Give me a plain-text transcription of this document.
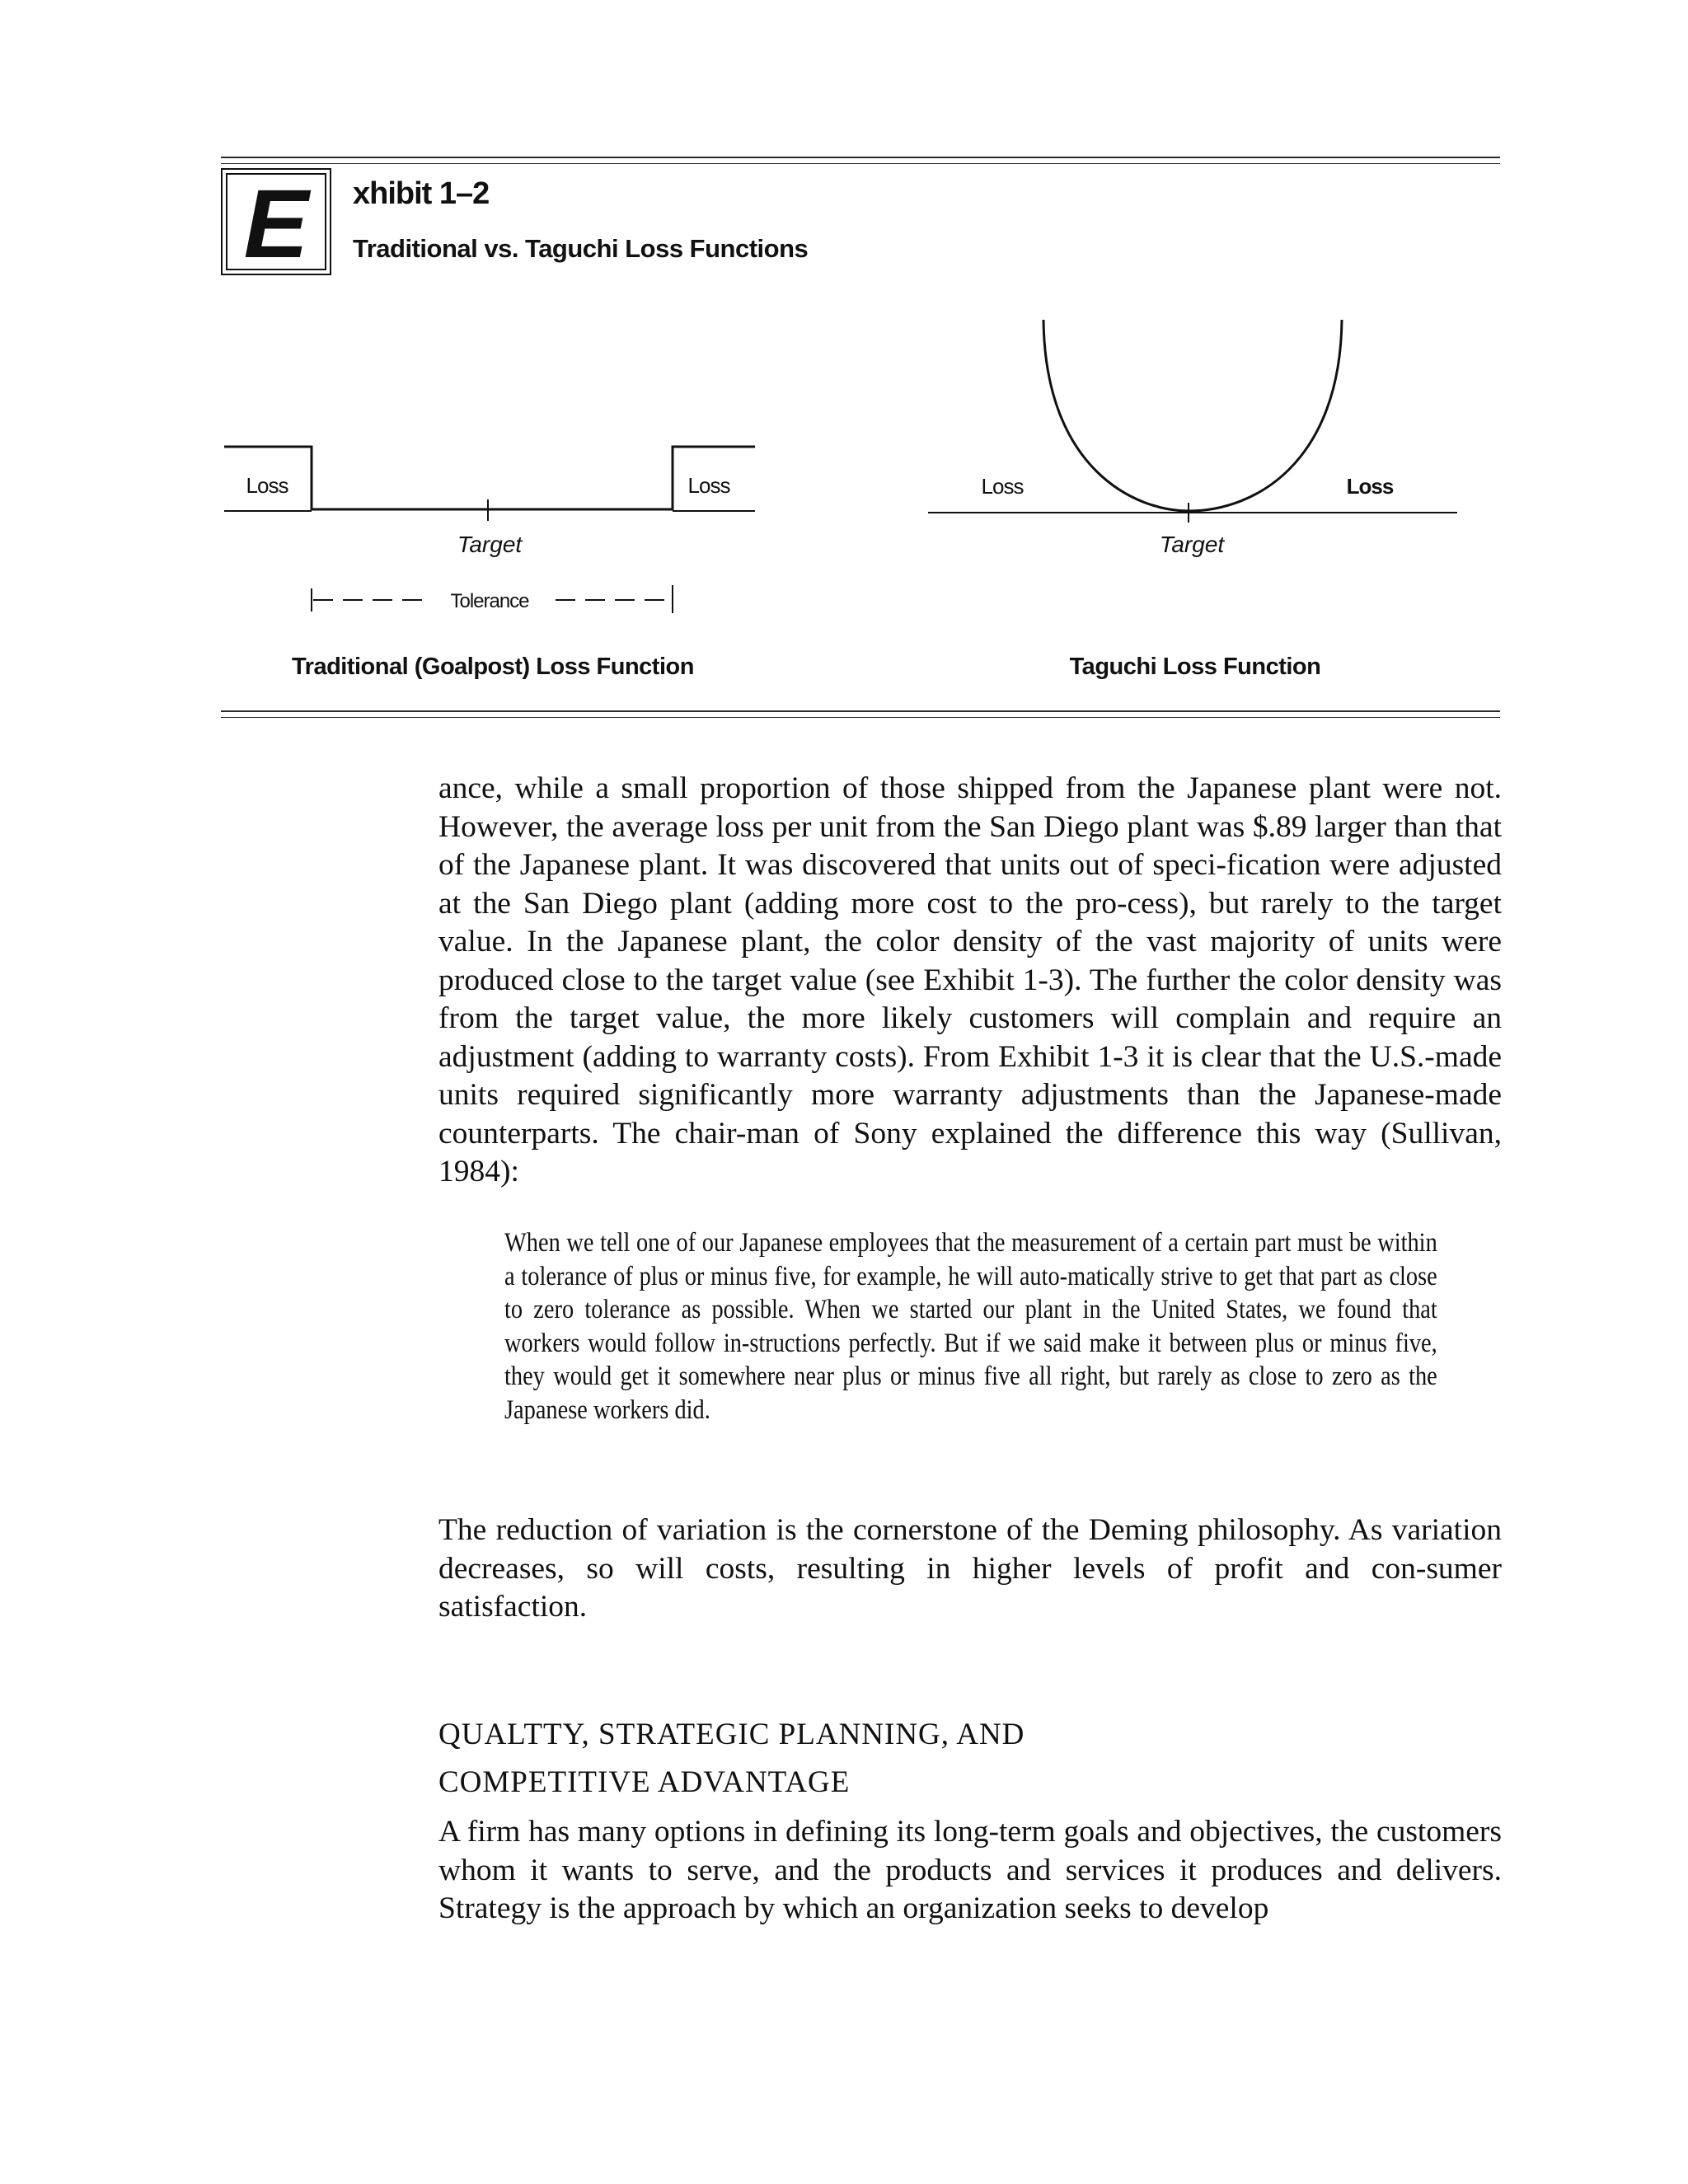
E xhibit 1–2

Traditional vs. Taguchi Loss Functions

Loss	Loss
Target
Tolerance
Traditional (Goalpost) Loss Function
Loss	Loss
Target
Taguchi Loss Function

ance, while a small proportion of those shipped from the Japanese plant were not. However, the average loss per unit from the San Diego plant was $.89 larger than that of the Japanese plant. It was discovered that units out of speci-fication were adjusted at the San Diego plant (adding more cost to the pro-cess), but rarely to the target value. In the Japanese plant, the color density of the vast majority of units were produced close to the target value (see Exhibit 1-3). The further the color density was from the target value, the more likely customers will complain and require an adjustment (adding to warranty costs). From Exhibit 1-3 it is clear that the U.S.-made units required significantly more warranty adjustments than the Japanese-made counterparts. The chair-man of Sony explained the difference this way (Sullivan, 1984):

When we tell one of our Japanese employees that the measurement of a certain part must be within a tolerance of plus or minus five, for example, he will auto-matically strive to get that part as close to zero tolerance as possible. When we started our plant in the United States, we found that workers would follow in-structions perfectly. But if we said make it between plus or minus five, they would get it somewhere near plus or minus five all right, but rarely as close to zero as the Japanese workers did.

The reduction of variation is the cornerstone of the Deming philosophy. As variation decreases, so will costs, resulting in higher levels of profit and con-sumer satisfaction.

QUALTTY, STRATEGIC PLANNING, AND
COMPETITIVE ADVANTAGE

A firm has many options in defining its long-term goals and objectives, the customers whom it wants to serve, and the products and services it produces and delivers. Strategy is the approach by which an organization seeks to develop
